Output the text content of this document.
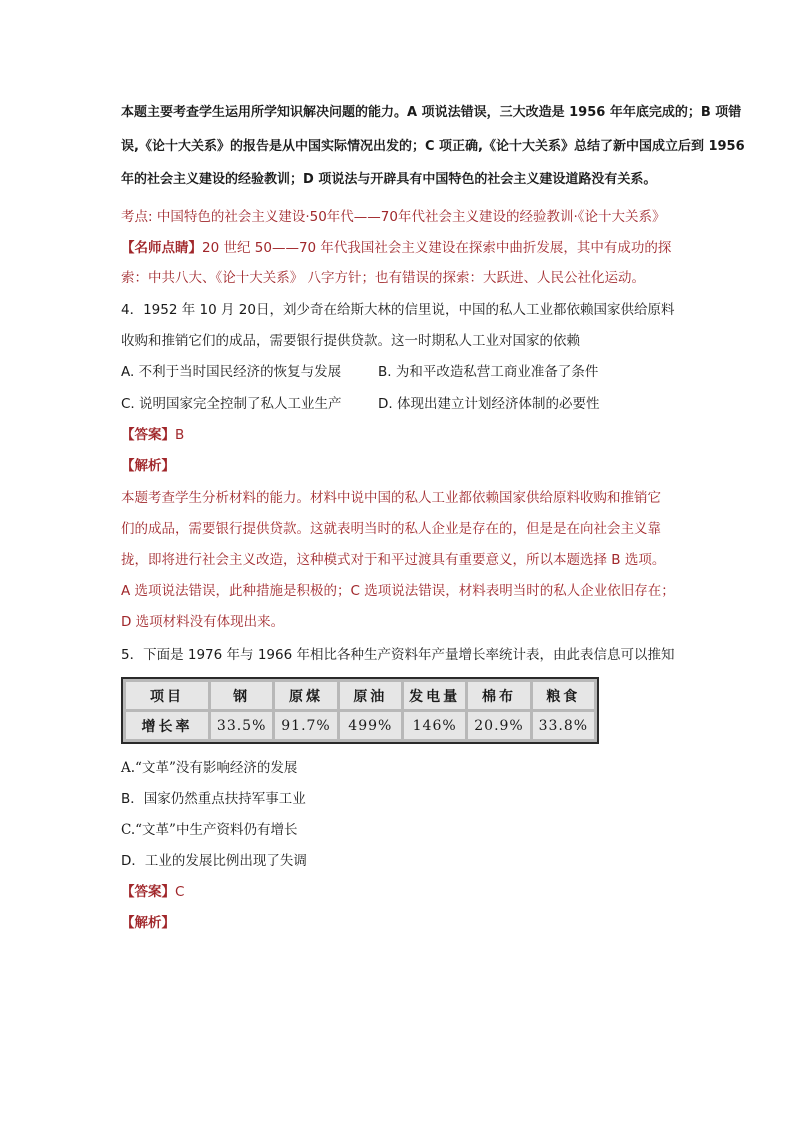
本题主要考查学生运用所学知识解决问题的能力。A 项说法错误，三大改造是 1956 年年底完成的；B 项错
误,《论十大关系》的报告是从中国实际情况出发的；C 项正确,《论十大关系》总结了新中国成立后到 1956
年的社会主义建设的经验教训；D 项说法与开辟具有中国特色的社会主义建设道路没有关系。
考点: 中国特色的社会主义建设·50年代——70年代社会主义建设的经验教训·《论十大关系》
【名师点睛】20 世纪 50——70 年代我国社会主义建设在探索中曲折发展，其中有成功的探
索：中共八大、《论十大关系》 八字方针；也有错误的探索：大跃进、人民公社化运动。
4．1952 年 10 月 20日，刘少奇在给斯大林的信里说，中国的私人工业都依赖国家供给原料
收购和推销它们的成品，需要银行提供贷款。这一时期私人工业对国家的依赖
A. 不利于当时国民经济的恢复与发展	B. 为和平改造私营工商业准备了条件
C. 说明国家完全控制了私人工业生产	D. 体现出建立计划经济体制的必要性
【答案】B
【解析】
本题考查学生分析材料的能力。材料中说中国的私人工业都依赖国家供给原料收购和推销它
们的成品，需要银行提供贷款。这就表明当时的私人企业是存在的，但是是在向社会主义靠
拢，即将进行社会主义改造，这种模式对于和平过渡具有重要意义，所以本题选择 B 选项。
A 选项说法错误，此种措施是积极的；C 选项说法错误，材料表明当时的私人企业依旧存在；
D 选项材料没有体现出来。
5．下面是 1976 年与 1966 年相比各种生产资料年产量增长率统计表，由此表信息可以推知
项目	钢	原煤	原油	发电量	棉布	粮食
增长率	33.5%	91.7%	499%	146%	20.9%	33.8%
A.“文革”没有影响经济的发展
B．国家仍然重点扶持军事工业
C.“文革”中生产资料仍有增长
D．工业的发展比例出现了失调
【答案】C
【解析】
